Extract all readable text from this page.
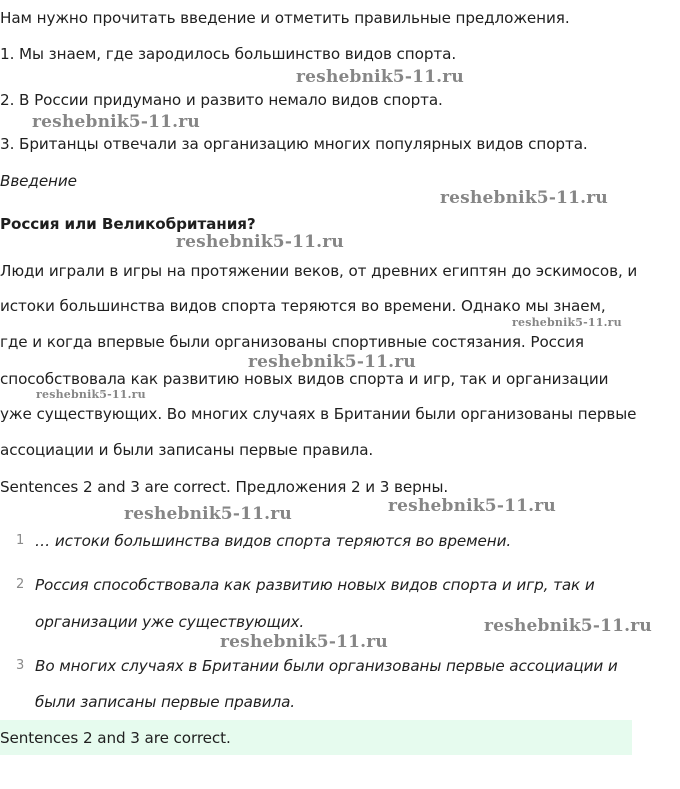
Нам нужно прочитать введение и отметить правильные предложения.
1. Мы знаем, где зародилось большинство видов спорта.
2. В России придумано и развито немало видов спорта.
3. Британцы отвечали за организацию многих популярных видов спорта.
Введение
Россия или Великобритания?
Люди играли в игры на протяжении веков, от древних египтян до эскимосов, и
истоки большинства видов спорта теряются во времени. Однако мы знаем,
где и когда впервые были организованы спортивные состязания. Россия
способствовала как развитию новых видов спорта и игр, так и организации
уже существующих. Во многих случаях в Британии были организованы первые
ассоциации и были записаны первые правила.
Sentences 2 and 3 are correct. Предложения 2 и 3 верны.
1 … истоки большинства видов спорта теряются во времени.
2 Россия способствовала как развитию новых видов спорта и игр, так и
организации уже существующих.
3 Во многих случаях в Британии были организованы первые ассоциации и
были записаны первые правила.
Sentences 2 and 3 are correct.
reshebnik5-11.ru
reshebnik5-11.ru
reshebnik5-11.ru
reshebnik5-11.ru
reshebnik5-11.ru
reshebnik5-11.ru
reshebnik5-11.ru
reshebnik5-11.ru
reshebnik5-11.ru
reshebnik5-11.ru
reshebnik5-11.ru
